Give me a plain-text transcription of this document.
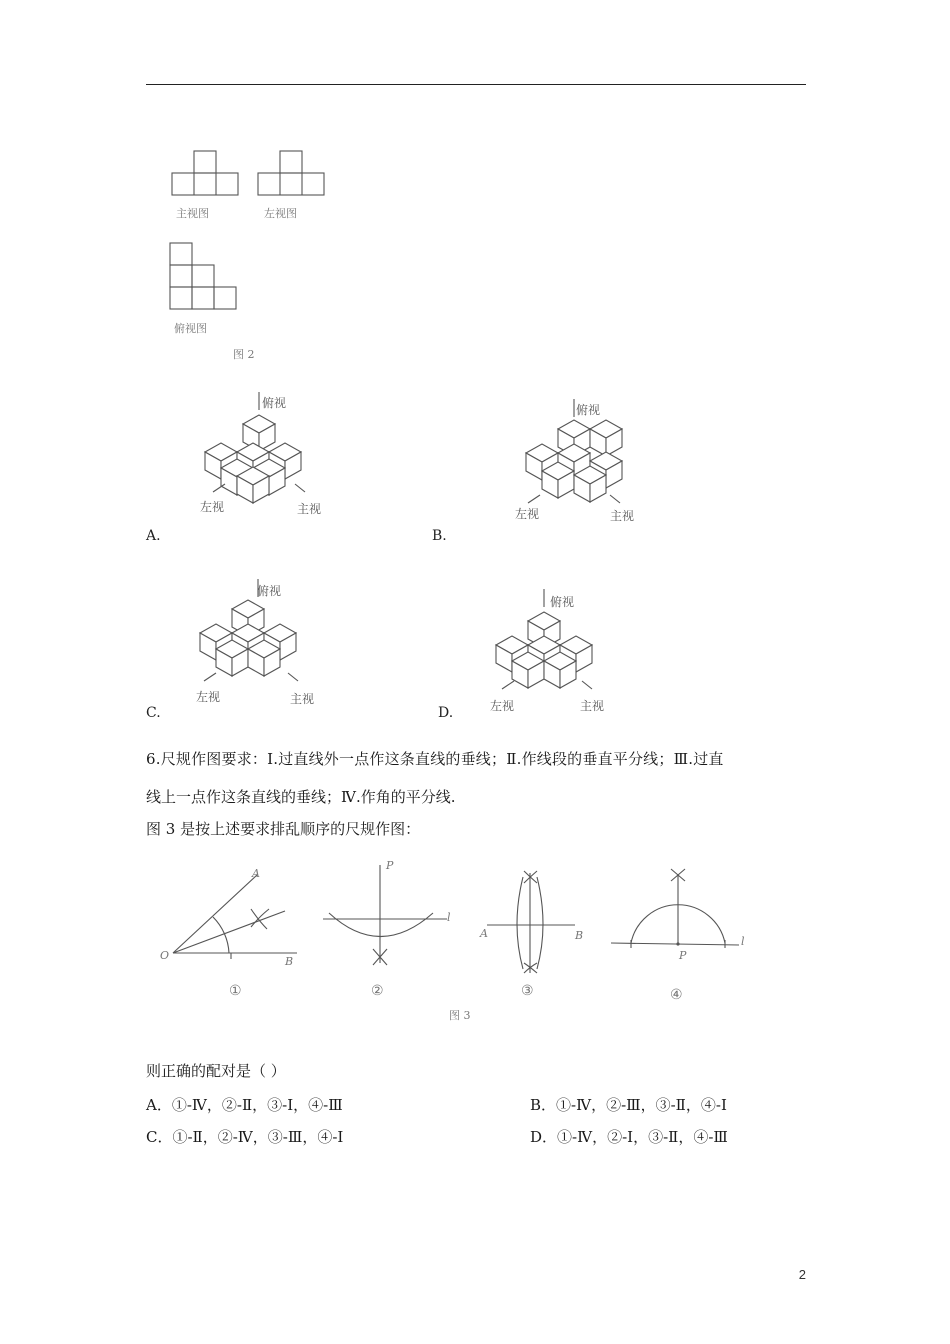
主视图	左视图
俯视图
图 2
俯视
左视	主视
俯视
左视	主视
俯视
左视	主视
俯视
左视	主视
A.	B.
C.	D.
6.尺规作图要求：Ⅰ.过直线外一点作这条直线的垂线；Ⅱ.作线段的垂直平分线；Ⅲ.过直
线上一点作这条直线的垂线；Ⅳ.作角的平分线.
图 3 是按上述要求排乱顺序的尺规作图：
A
O	B
P
l
A	B
P
l
①	②	③	④
图 3
则正确的配对是（ ）
A．①-Ⅳ，②-Ⅱ，③-Ⅰ，④-Ⅲ	B．①-Ⅳ，②-Ⅲ，③-Ⅱ，④-Ⅰ
C．①-Ⅱ，②-Ⅳ，③-Ⅲ，④-Ⅰ	D．①-Ⅳ，②-Ⅰ，③-Ⅱ，④-Ⅲ
2
